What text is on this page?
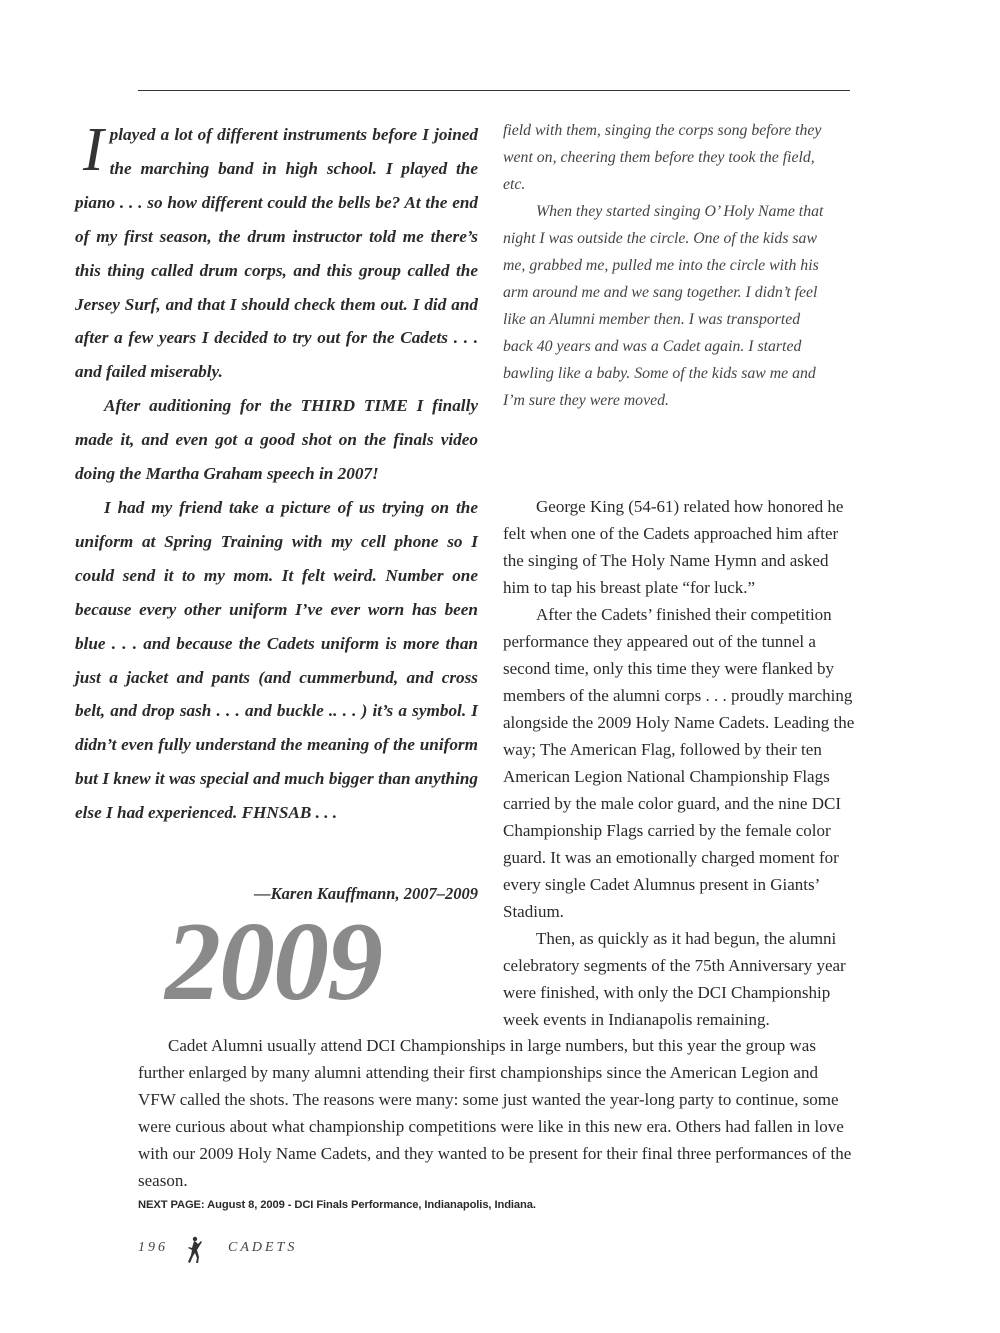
Iplayed a lot of different instruments before I joined the marching band in high school. I played the piano . . . so how different could the bells be? At the end of my first season, the drum instructor told me there’s this thing called drum corps, and this group called the Jersey Surf, and that I should check them out. I did and after a few years I decided to try out for the Cadets . . . and failed miserably.

After auditioning for the THIRD TIME I finally made it, and even got a good shot on the finals video doing the Martha Graham speech in 2007!

I had my friend take a picture of us trying on the uniform at Spring Training with my cell phone so I could send it to my mom. It felt weird. Number one because every other uniform I’ve ever worn has been blue . . . and because the Cadets uniform is more than just a jacket and pants (and cummerbund, and cross belt, and drop sash . . . and buckle .. . . ) it’s a symbol. I didn’t even fully understand the meaning of the uniform but I knew it was special and much bigger than anything else I had experienced. FHNSAB . . .

—Karen Kauffmann, 2007–2009
2009

field with them, singing the corps song before they went on, cheering them before they took the field, etc.

When they started singing O’ Holy Name that night I was outside the circle. One of the kids saw me, grabbed me, pulled me into the circle with his arm around me and we sang together. I didn’t feel like an Alumni member then. I was transported back 40 years and was a Cadet again. I started bawling like a baby. Some of the kids saw me and I’m sure they were moved.

George King (54-61) related how honored he felt when one of the Cadets approached him after the singing of The Holy Name Hymn and asked him to tap his breast plate “for luck.”

After the Cadets’ finished their competition performance they appeared out of the tunnel a second time, only this time they were flanked by members of the alumni corps . . . proudly marching alongside the 2009 Holy Name Cadets. Leading the way; The American Flag, followed by their ten American Legion National Championship Flags carried by the male color guard, and the nine DCI Championship Flags carried by the female color guard. It was an emotionally charged moment for every single Cadet Alumnus present in Giants’ Stadium.

Then, as quickly as it had begun, the alumni celebratory segments of the 75th Anniversary year were finished, with only the DCI Championship week events in Indianapolis remaining.

Cadet Alumni usually attend DCI Championships in large numbers, but this year the group was further enlarged by many alumni attending their first championships since the American Legion and VFW called the shots. The reasons were many: some just wanted the year-long party to continue, some were curious about what championship competitions were like in this new era. Others had fallen in love with our 2009 Holy Name Cadets, and they wanted to be present for their final three performances of the season.

NEXT PAGE: August 8, 2009 - DCI Finals Performance, Indianapolis, Indiana.
196	CADETS
